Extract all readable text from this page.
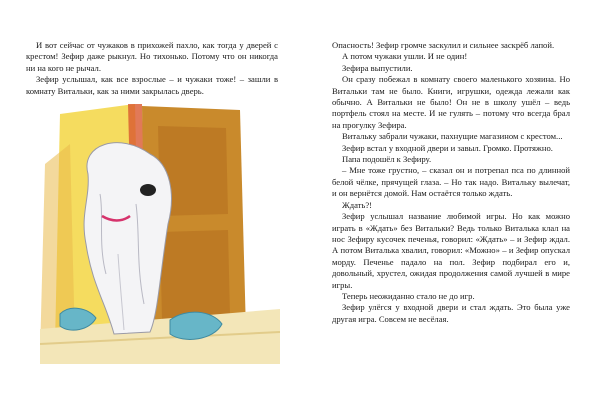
И вот сейчас от чужаков в прихожей пахло, как тогда у дверей с крестом! Зефир даже рыкнул. Но тихонько. Потому что он никогда ни на кого не рычал.

Зефир услышал, как все взрослые – и чужаки тоже! – зашли в комнату Витальки, как за ними закрылась дверь.

Опасность! Зефир громче заскулил и сильнее заскрёб лапой.

А потом чужаки ушли. И не один!

Зефира выпустили.

Он сразу побежал в комнату своего маленького хозяина. Но Витальки там не было. Книги, игрушки, одежда лежали как обычно. А Витальки не было! Он не в школу ушёл – ведь портфель стоял на месте. И не гулять – потому что всегда брал на прогулку Зефира.

Витальку забрали чужаки, пахнущие магазином с крестом...

Зефир встал у входной двери и завыл. Громко. Протяжно.

Папа подошёл к Зефиру.

– Мне тоже грустно, – сказал он и потрепал пса по длинной белой чёлке, прячущей глаза. – Но так надо. Витальку вылечат, и он вернётся домой. Нам остаётся только ждать.

Ждать?!

Зефир услышал название любимой игры. Но как можно играть в «Ждать» без Витальки? Ведь только Виталька клал на нос Зефиру кусочек печенья, говорил: «Ждать» – и Зефир ждал. А потом Виталька хвалил, говорил: «Можно» – и Зефир опускал морду. Печенье падало на пол. Зефир подбирал его и, довольный, хрустел, ожидая продолжения самой лучшей в мире игры.

Теперь неожиданно стало не до игр.

Зефир улёгся у входной двери и стал ждать. Это была уже другая игра. Совсем не весёлая.
